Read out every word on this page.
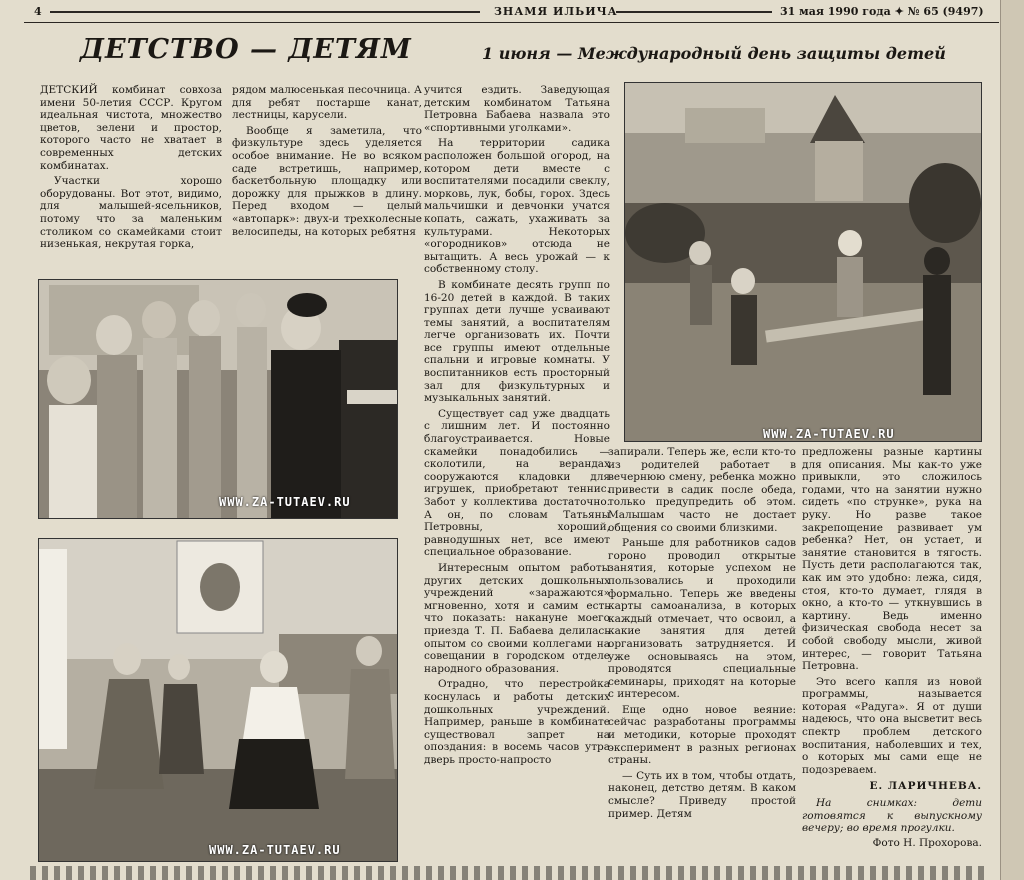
4	ЗНАМЯ ИЛЬИЧА	31 мая 1990 года ✦ № 65 (9497)
ДЕТСТВО — ДЕТЯМ	1 июня — Международный день защиты детей

ДЕТСКИЙ комбинат совхоза имени 50-летия СССР. Кругом идеальная чистота, множество цветов, зелени и простор, которого часто не хватает в современных детских комбинатах.

Участки хорошо оборудованы. Вот этот, видимо, для малышей-ясельников, потому что за маленьким столиком со скамейками стоит низенькая, некрутая горка,

рядом малюсенькая песочница. А для ребят постарше канат, лестницы, карусели.

Вообще я заметила, что физкультуре здесь уделяется особое внимание. Не во всяком саде встретишь, например, баскетбольную площадку или дорожку для прыжков в длину. Перед входом — целый «автопарк»: двух-и трехколесные велосипеды, на которых ребятня

учится ездить. Заведующая детским комбинатом Татьяна Петровна Бабаева назвала это «спортивными уголками».

На территории садика расположен большой огород, на котором дети вместе с воспитателями посадили свеклу, морковь, лук, бобы, горох. Здесь мальчишки и девчонки учатся копать, сажать, ухаживать за культурами. Некоторых «огородников» отсюда не вытащить. А весь урожай — к собственному столу.

В комбинате десять групп по 16-20 детей в каждой. В таких группах дети лучше усваивают темы занятий, а воспитателям легче организовать их. Почти все группы имеют отдельные спальни и игровые комнаты. У воспитанников есть просторный зал для физкультурных и музыкальных занятий.

Существует сад уже двадцать с лишним лет. И постоянно благоустраивается. Новые скамейки понадобились — сколотили, на верандах сооружаются кладовки для игрушек, приобретают теннис. Забот у коллектива достаточно. А он, по словам Татьяны Петровны, хороший, равнодушных нет, все имеют специальное образование.

Интересным опытом работы других детских дошкольных учреждений «заражаются» мгновенно, хотя и самим есть что показать: накануне моего приезда Т. П. Бабаева делилась опытом со своими коллегами на совещании в городском отделе народного образования.

Отрадно, что перестройка коснулась и работы детских дошкольных учреждений. Например, раньше в комбинате существовал запрет на опоздания: в восемь часов утра дверь просто-напросто

запирали. Теперь же, если кто-то из родителей работает в вечернюю смену, ребенка можно привести в садик после обеда, только предупредить об этом. Малышам часто не достает общения со своими близкими.

Раньше для работников садов гороно проводил открытые занятия, которые успехом не пользовались и проходили формально. Теперь же введены карты самоанализа, в которых каждый отмечает, что освоил, а какие занятия для детей организовать затрудняется. И уже основываясь на этом, проводятся специальные семинары, приходят на которые с интересом.

Еще одно новое веяние: сейчас разработаны программы и методики, которые проходят эксперимент в разных регионах страны.

— Суть их в том, чтобы отдать, наконец, детство детям. В каком смысле? Приведу простой пример. Детям

предложены разные картины для описания. Мы как-то уже привыкли, это сложилось годами, что на занятии нужно сидеть «по струнке», рука на руку. Но разве такое закрепощение развивает ум ребенка? Нет, он устает, и занятие становится в тягость. Пусть дети располагаются так, как им это удобно: лежа, сидя, стоя, кто-то думает, глядя в окно, а кто-то — уткнувшись в картину. Ведь именно физическая свобода несет за собой свободу мысли, живой интерес, — говорит Татьяна Петровна.

Это всего капля из новой программы, называется которая «Радуга». Я от души надеюсь, что она высветит весь спектр проблем детского воспитания, наболевших и тех, о которых мы сами еще не подозреваем.

Е. ЛАРИЧНЕВА.
На снимках: дети готовятся к выпускному вечеру; во время прогулки.
Фото Н. Прохорова.
WWW.ZA-TUTAEV.RU
WWW.ZA-TUTAEV.RU
WWW.ZA-TUTAEV.RU
